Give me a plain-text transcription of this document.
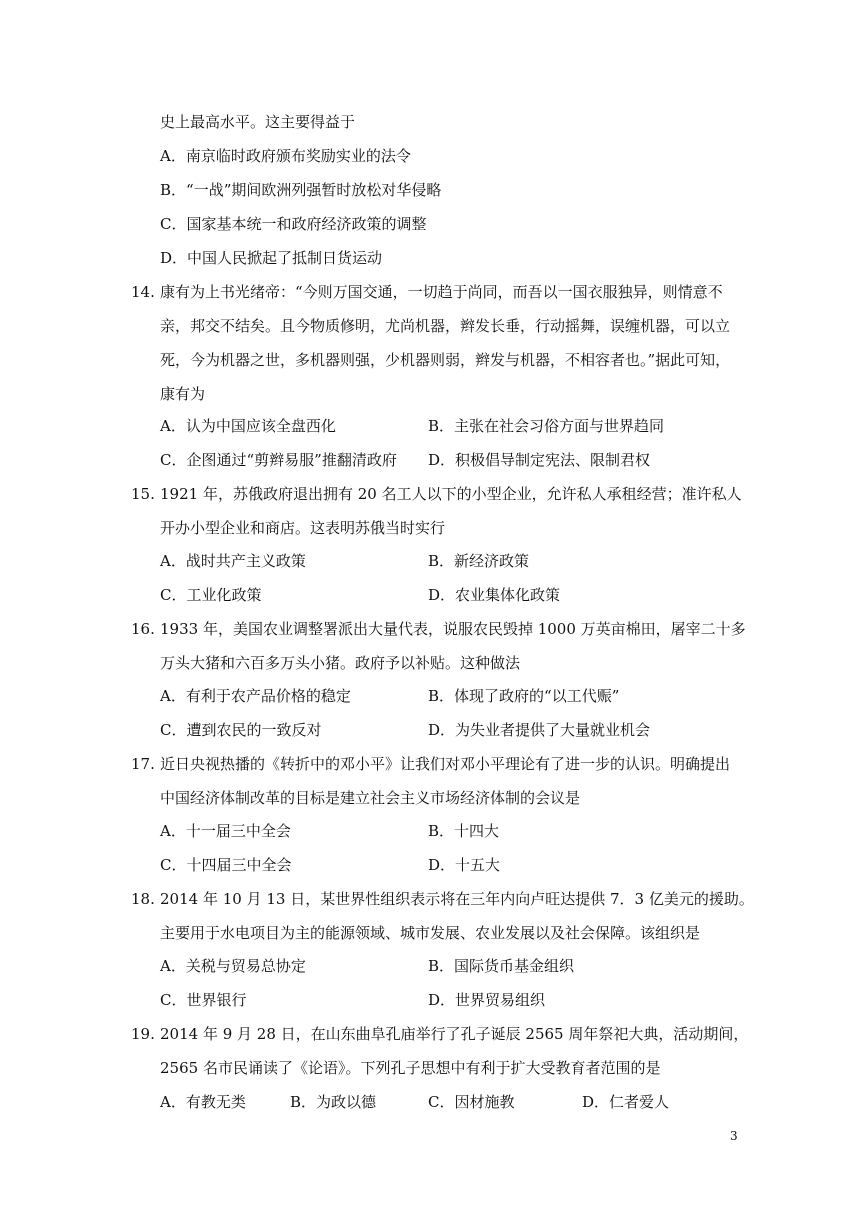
史上最高水平。这主要得益于
A．南京临时政府颁布奖励实业的法令
B．“一战”期间欧洲列强暂时放松对华侵略
C．国家基本统一和政府经济政策的调整
D．中国人民掀起了抵制日货运动
14. 康有为上书光绪帝：“今则万国交通，一切趋于尚同，而吾以一国衣服独异，则情意不
亲，邦交不结矣。且今物质修明，尤尚机器，辫发长垂，行动摇舞，误缠机器，可以立
死，今为机器之世，多机器则强，少机器则弱，辫发与机器，不相容者也。”据此可知，
康有为
A．认为中国应该全盘西化	B．主张在社会习俗方面与世界趋同
C．企图通过“剪辫易服”推翻清政府 D．积极倡导制定宪法、限制君权
15. 1921 年，苏俄政府退出拥有 20 名工人以下的小型企业，允许私人承租经营；准许私人
开办小型企业和商店。这表明苏俄当时实行
A．战时共产主义政策	B．新经济政策
C．工业化政策	D．农业集体化政策
16. 1933 年，美国农业调整署派出大量代表，说服农民毁掉 1000 万英亩棉田，屠宰二十多
万头大猪和六百多万头小猪。政府予以补贴。这种做法
A．有利于农产品价格的稳定	B．体现了政府的“以工代赈”
C．遭到农民的一致反对	D．为失业者提供了大量就业机会
17. 近日央视热播的《转折中的邓小平》让我们对邓小平理论有了进一步的认识。明确提出
中国经济体制改革的目标是建立社会主义市场经济体制的会议是
A．十一届三中全会	B．十四大
C．十四届三中全会	D．十五大
18. 2014 年 10 月 13 日，某世界性组织表示将在三年内向卢旺达提供 7．3 亿美元的援助。
主要用于水电项目为主的能源领域、城市发展、农业发展以及社会保障。该组织是
A．关税与贸易总协定	B．国际货币基金组织
C．世界银行	D．世界贸易组织
19. 2014 年 9 月 28 日，在山东曲阜孔庙举行了孔子诞辰 2565 周年祭祀大典，活动期间，
2565 名市民诵读了《论语》。下列孔子思想中有利于扩大受教育者范围的是
A．有教无类	B．为政以德	C．因材施教	D．仁者爱人
3
